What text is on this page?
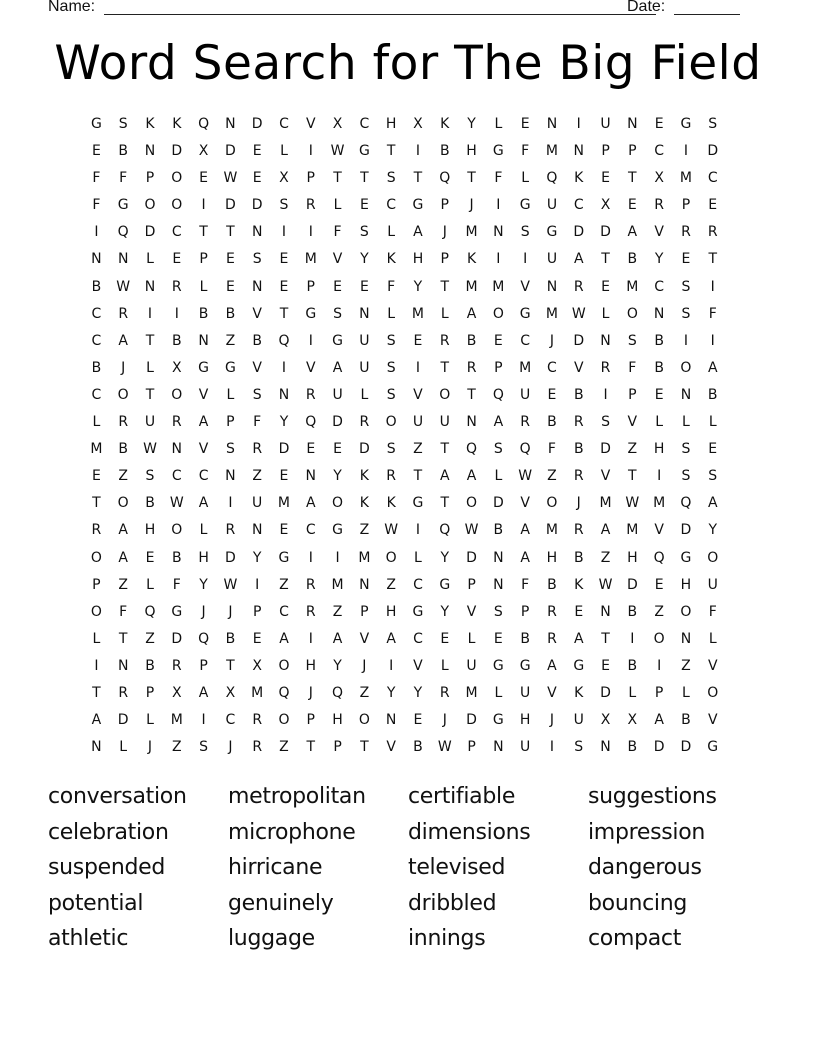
Name:	Date:
Word Search for The Big Field
G	S	K	K	Q	N	D	C	V	X	C	H	X	K	Y	L	E	N	I	U	N	E	G	S
E	B	N	D	X	D	E	L	I	W	G	T	I	B	H	G	F	M	N	P	P	C	I	D
F	F	P	O	E	W	E	X	P	T	T	S	T	Q	T	F	L	Q	K	E	T	X	M	C
F	G	O	O	I	D	D	S	R	L	E	C	G	P	J	I	G	U	C	X	E	R	P	E
I	Q	D	C	T	T	N	I	I	F	S	L	A	J	M	N	S	G	D	D	A	V	R	R
N	N	L	E	P	E	S	E	M	V	Y	K	H	P	K	I	I	U	A	T	B	Y	E	T
B	W	N	R	L	E	N	E	P	E	E	F	Y	T	M	M	V	N	R	E	M	C	S	I
C	R	I	I	B	B	V	T	G	S	N	L	M	L	A	O	G	M W	L	O	N	S	F
C	A	T	B	N	Z	B	Q	I	G	U	S	E	R	B	E	C	J	D	N	S	B	I	I
B	J	L	X	G	G	V	I	V	A	U	S	I	T	R	P	M	C	V	R	F	B	O	A
C	O	T	O	V	L	S	N	R	U	L	S	V	O	T	Q	U	E	B	I	P	E	N	B
L	R	U	R	A	P	F	Y	Q	D	R	O	U	U	N	A	R	B	R	S	V	L	L	L
M	B	W	N	V	S	R	D	E	E	D	S	Z	T	Q	S	Q	F	B	D	Z	H	S	E
E	Z	S	C	C	N	Z	E	N	Y	K	R	T	A	A	L	W	Z	R	V	T	I	S	S
T	O	B	W	A	I	U	M	A	O	K	K	G	T	O	D	V	O	J	M W M	Q	A
R	A	H	O	L	R	N	E	C	G	Z	W	I	Q	W	B	A	M	R	A	M	V	D	Y
O	A	E	B	H	D	Y	G	I	I	M	O	L	Y	D	N	A	H	B	Z	H	Q	G	O
P	Z	L	F	Y	W	I	Z	R	M	N	Z	C	G	P	N	F	B	K	W	D	E	H	U
O	F	Q	G	J	J	P	C	R	Z	P	H	G	Y	V	S	P	R	E	N	B	Z	O	F
L	T	Z	D	Q	B	E	A	I	A	V	A	C	E	L	E	B	R	A	T	I	O	N	L
I	N	B	R	P	T	X	O	H	Y	J	I	V	L	U	G	G	A	G	E	B	I	Z	V
T	R	P	X	A	X	M	Q	J	Q	Z	Y	Y	R	M	L	U	V	K	D	L	P	L	O
A	D	L	M	I	C	R	O	P	H	O	N	E	J	D	G	H	J	U	X	X	A	B	V
N	L	J	Z	S	J	R	Z	T	P	T	V	B	W	P	N	U	I	S	N	B	D	D	G
conversation	metropolitan	certifiable	suggestions
celebration	microphone	dimensions	impression
suspended	hirricane	televised	dangerous
potential	genuinely	dribbled	bouncing
athletic	luggage	innings	compact
